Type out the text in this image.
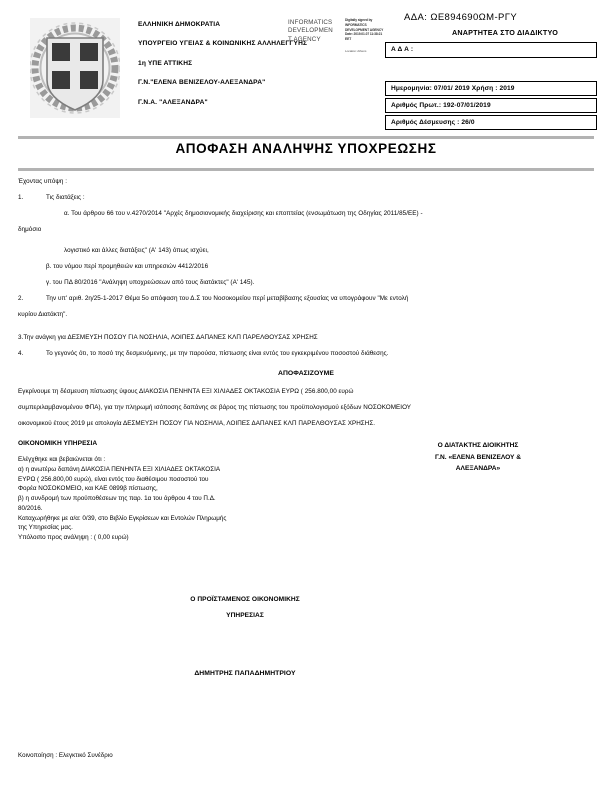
ΕΛΛΗΝΙΚΗ ΔΗΜΟΚΡΑΤΙΑ
ΥΠΟΥΡΓΕΙΟ ΥΓΕΙΑΣ & ΚΟΙΝΩΝΙΚΗΣ ΑΛΛΗΛΕΓΓΥΗΣ
1η ΥΠΕ ΑΤΤΙΚΗΣ
Γ.Ν."ΕΛΕΝΑ ΒΕΝΙΖΕΛΟΥ-ΑΛΕΞΑΝΔΡΑ"
Γ.Ν.Α. "ΑΛΕΞΑΝΔΡΑ"
INFORMATICS
DEVELOPMEN
T AGENCY
Digitally signed by
INFORMATICS
DEVELOPMENT AGENCY
Date: 2019.01.07 11:38:21
EET
Location: Athens
ΑΔΑ: ΩΕ894690ΩΜ-ΡΓΥ
ΑΝΑΡΤΗΤΕΑ ΣΤΟ ΔΙΑΔΙΚΤΥΟ
Α Δ Α :
Ημερομηνία: 07/01/ 2019 Χρήση : 2019
Αριθμός Πρωτ.: 192-07/01/2019
Αριθμός Δέσμευσης : 26/0
ΑΠΟΦΑΣΗ ΑΝΑΛΗΨΗΣ ΥΠΟΧΡΕΩΣΗΣ
Έχοντας υπόψη :
1.	Τις διατάξεις :
α. Του άρθρου 66 του ν.4270/2014 "Αρχές δημοσιονομικής διαχείρισης και εποπτείας (ενσωμάτωση της Οδηγίας 2011/85/ΕΕ) -
δημόσιο
λογιστικό και άλλες διατάξεις" (Α' 143) όπως ισχύει,
β. του νόμου περί προμηθειών και υπηρεσιών 4412/2016
γ. του ΠΔ 80/2016 "Ανάληψη υποχρεώσεων από τους διατάκτες" (Α' 145).
2.	Την υπ' αριθ. 2η/25-1-2017 Θέμα 5ο απόφαση του Δ.Σ του Νοσοκομείου περί μεταβίβασης εξουσίας να υπογράφουν "Με εντολή
κυρίου Διατάκτη".
3.Την ανάγκη για ΔΕΣΜΕΥΣΗ ΠΟΣΟΥ ΓΙΑ ΝΟΣΗΛΙΑ, ΛΟΙΠΕΣ ΔΑΠΑΝΕΣ ΚΛΠ ΠΑΡΕΛΘΟΥΣΑΣ ΧΡΗΣΗΣ
4.	Το γεγονός ότι, το ποσό της δεσμευόμενης, με την παρούσα, πίστωσης είναι εντός του εγκεκριμένου ποσοστού διάθεσης.
ΑΠΟΦΑΣΙΖΟΥΜΕ
Εγκρίνουμε τη δέσμευση πίστωσης ύψους ΔΙΑΚΟΣΙΑ ΠΕΝΗΝΤΑ ΕΞΙ ΧΙΛΙΑΔΕΣ ΟΚΤΑΚΟΣΙΑ ΕΥΡΩ ( 256.800,00 ευρώ
συμπεριλαμβανομένου ΦΠΑ), για την πληρωμή ισόποσης δαπάνης σε βάρος της πίστωσης του προϋπολογισμού εξόδων ΝΟΣΟΚΟΜΕΙΟΥ
οικονομικού έτους 2019 με απολογία ΔΕΣΜΕΥΣΗ ΠΟΣΟΥ ΓΙΑ ΝΟΣΗΛΙΑ, ΛΟΙΠΕΣ ΔΑΠΑΝΕΣ ΚΛΠ ΠΑΡΕΛΘΟΥΣΑΣ ΧΡΗΣΗΣ.
ΟΙΚΟΝΟΜΙΚΗ ΥΠΗΡΕΣΙΑ
Ελέγχθηκε και βεβαιώνεται ότι :
α) η ανωτέρω δαπάνη ΔΙΑΚΟΣΙΑ ΠΕΝΗΝΤΑ ΕΞΙ ΧΙΛΙΑΔΕΣ ΟΚΤΑΚΟΣΙΑ
ΕΥΡΩ ( 256.800,00 ευρώ), είναι εντός του διαθέσιμου ποσοστού του
Φορέα ΝΟΣΟΚΟΜΕΙΟ, και ΚΑΕ 0899β πίστωσης,
β) η συνδρομή των προϋποθέσεων της παρ. 1α του άρθρου 4 του Π.Δ.
80/2016.
Καταχωρήθηκε με α/α: 0/39, στο Βιβλίο Εγκρίσεων και Εντολών Πληρωμής
της Υπηρεσίας μας.
Υπόλοιπο προς ανάληψη : ( 0,00 ευρώ)
Ο ΔΙΑΤΑΚΤΗΣ ΔΙΟΙΚΗΤΗΣ
Γ.Ν. «ΕΛΕΝΑ ΒΕΝΙΖΕΛΟΥ &
ΑΛΕΞΑΝΔΡΑ»
Ο ΠΡΟΪΣΤΑΜΕΝΟΣ ΟΙΚΟΝΟΜΙΚΗΣ
ΥΠΗΡΕΣΙΑΣ
ΔΗΜΗΤΡΗΣ ΠΑΠΑΔΗΜΗΤΡΙΟΥ
Κοινοποίηση : Ελεγκτικό Συνέδριο
